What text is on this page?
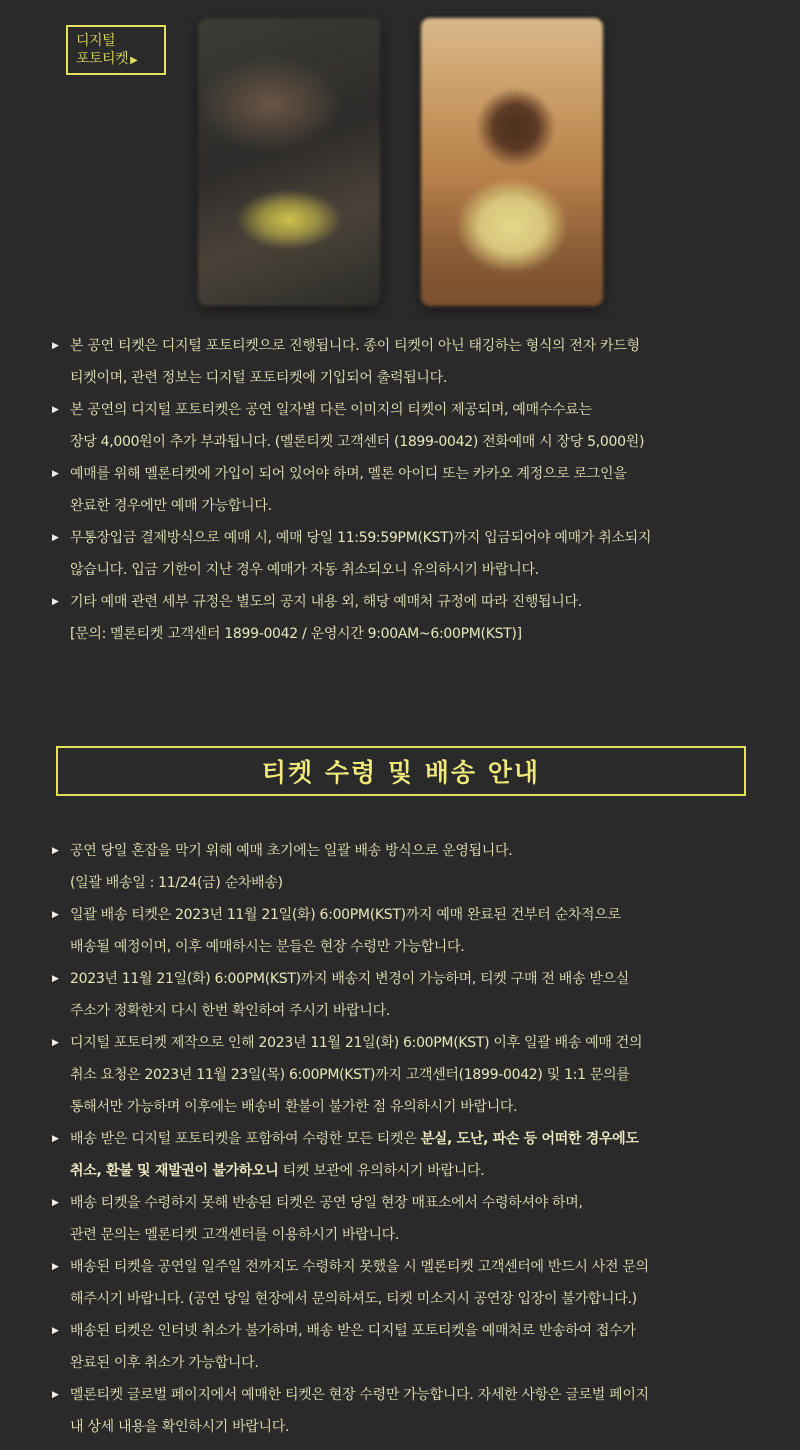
디지털
포토티켓 ▶
▶ 본 공연 티켓은 디지털 포토티켓으로 진행됩니다. 종이 티켓이 아닌 태깅하는 형식의 전자 카드형
티켓이며, 관련 정보는 디지털 포토티켓에 기입되어 출력됩니다.
▶ 본 공연의 디지털 포토티켓은 공연 일자별 다른 이미지의 티켓이 제공되며, 예매수수료는
장당 4,000원이 추가 부과됩니다. (멜론티켓 고객센터 (1899-0042) 전화예매 시 장당 5,000원)
▶ 예매를 위해 멜론티켓에 가입이 되어 있어야 하며, 멜론 아이디 또는 카카오 계정으로 로그인을
완료한 경우에만 예매 가능합니다.
▶ 무통장입금 결제방식으로 예매 시, 예매 당일 11:59:59PM(KST)까지 입금되어야 예매가 취소되지
않습니다. 입금 기한이 지난 경우 예매가 자동 취소되오니 유의하시기 바랍니다.
▶ 기타 예매 관련 세부 규정은 별도의 공지 내용 외, 해당 예매처 규정에 따라 진행됩니다.
[문의: 멜론티켓 고객센터 1899-0042 / 운영시간 9:00AM~6:00PM(KST)]
티켓 수령 및 배송 안내
▶ 공연 당일 혼잡을 막기 위해 예매 초기에는 일괄 배송 방식으로 운영됩니다.
(일괄 배송일 : 11/24(금) 순차배송)
▶ 일괄 배송 티켓은 2023년 11월 21일(화) 6:00PM(KST)까지 예매 완료된 건부터 순차적으로
배송될 예정이며, 이후 예매하시는 분들은 현장 수령만 가능합니다.
▶ 2023년 11월 21일(화) 6:00PM(KST)까지 배송지 변경이 가능하며, 티켓 구매 전 배송 받으실
주소가 정확한지 다시 한번 확인하여 주시기 바랍니다.
▶ 디지털 포토티켓 제작으로 인해 2023년 11월 21일(화) 6:00PM(KST) 이후 일괄 배송 예매 건의
취소 요청은 2023년 11월 23일(목) 6:00PM(KST)까지 고객센터(1899-0042) 및 1:1 문의를
통해서만 가능하며 이후에는 배송비 환불이 불가한 점 유의하시기 바랍니다.
▶ 배송 받은 디지털 포토티켓을 포함하여 수령한 모든 티켓은 분실, 도난, 파손 등 어떠한 경우에도
취소, 환불 및 재발권이 불가하오니 티켓 보관에 유의하시기 바랍니다.
▶ 배송 티켓을 수령하지 못해 반송된 티켓은 공연 당일 현장 매표소에서 수령하셔야 하며,
관련 문의는 멜론티켓 고객센터를 이용하시기 바랍니다.
▶ 배송된 티켓을 공연일 일주일 전까지도 수령하지 못했을 시 멜론티켓 고객센터에 반드시 사전 문의
해주시기 바랍니다. (공연 당일 현장에서 문의하셔도, 티켓 미소지시 공연장 입장이 불가합니다.)
▶ 배송된 티켓은 인터넷 취소가 불가하며, 배송 받은 디지털 포토티켓을 예매처로 반송하여 접수가
완료된 이후 취소가 가능합니다.
▶ 멜론티켓 글로벌 페이지에서 예매한 티켓은 현장 수령만 가능합니다. 자세한 사항은 글로벌 페이지
내 상세 내용을 확인하시기 바랍니다.
